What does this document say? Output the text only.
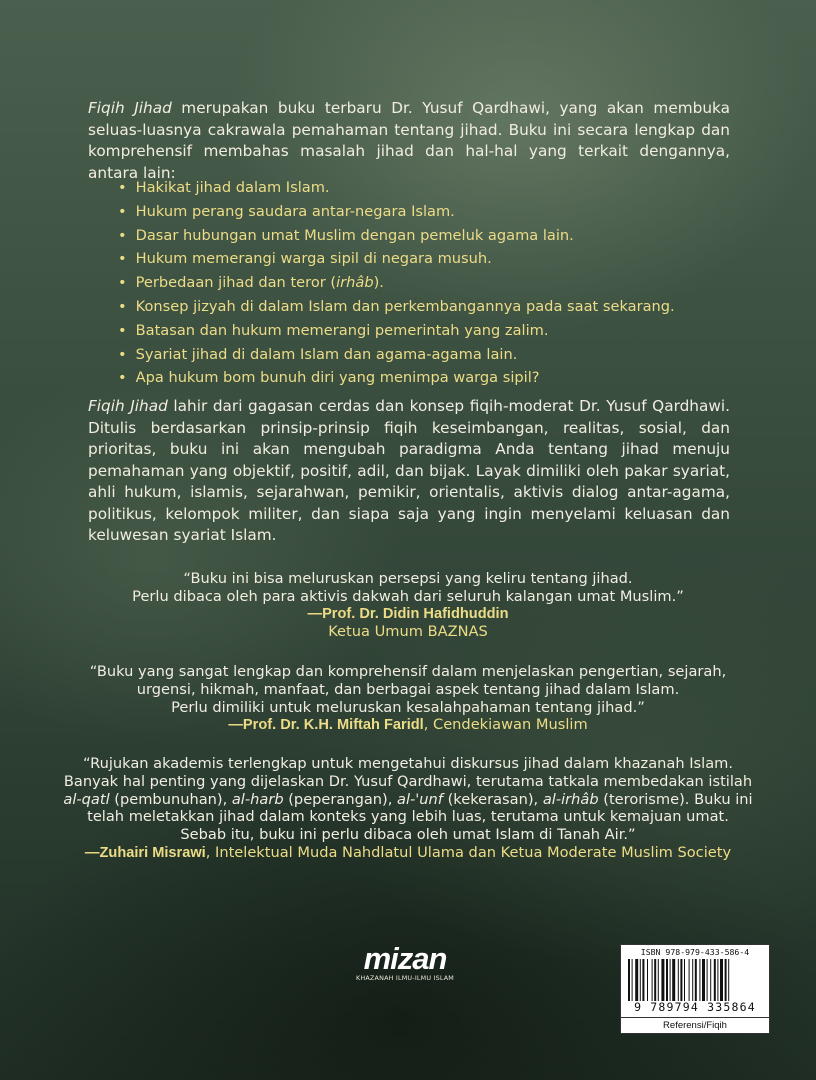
Fiqih Jihad merupakan buku terbaru Dr. Yusuf Qardhawi, yang akan membuka seluas-luasnya cakrawala pemahaman tentang jihad. Buku ini secara lengkap dan komprehensif membahas masalah jihad dan hal-hal yang terkait dengannya, antara lain:

• Hakikat jihad dalam Islam.
• Hukum perang saudara antar-negara Islam.
• Dasar hubungan umat Muslim dengan pemeluk agama lain.
• Hukum memerangi warga sipil di negara musuh.
• Perbedaan jihad dan teror (irhâb).
• Konsep jizyah di dalam Islam dan perkembangannya pada saat sekarang.
• Batasan dan hukum memerangi pemerintah yang zalim.
• Syariat jihad di dalam Islam dan agama-agama lain.
• Apa hukum bom bunuh diri yang menimpa warga sipil?

Fiqih Jihad lahir dari gagasan cerdas dan konsep fiqih-moderat Dr. Yusuf Qardhawi. Ditulis berdasarkan prinsip-prinsip fiqih keseimbangan, realitas, sosial, dan prioritas, buku ini akan mengubah paradigma Anda tentang jihad menuju pemahaman yang objektif, positif, adil, dan bijak. Layak dimiliki oleh pakar syariat, ahli hukum, islamis, sejarahwan, pemikir, orientalis, aktivis dialog antar-agama, politikus, kelompok militer, dan siapa saja yang ingin menyelami keluasan dan keluwesan syariat Islam.

“Buku ini bisa meluruskan persepsi yang keliru tentang jihad.

Perlu dibaca oleh para aktivis dakwah dari seluruh kalangan umat Muslim.”

—Prof. Dr. Didin Hafidhuddin

Ketua Umum BAZNAS

“Buku yang sangat lengkap dan komprehensif dalam menjelaskan pengertian, sejarah,

urgensi, hikmah, manfaat, dan berbagai aspek tentang jihad dalam Islam.

Perlu dimiliki untuk meluruskan kesalahpahaman tentang jihad.”

—Prof. Dr. K.H. Miftah Faridl, Cendekiawan Muslim

“Rujukan akademis terlengkap untuk mengetahui diskursus jihad dalam khazanah Islam.

Banyak hal penting yang dijelaskan Dr. Yusuf Qardhawi, terutama tatkala membedakan istilah

al-qatl (pembunuhan), al-harb (peperangan), al-'unf (kekerasan), al-irhâb (terorisme). Buku ini

telah meletakkan jihad dalam konteks yang lebih luas, terutama untuk kemajuan umat.

Sebab itu, buku ini perlu dibaca oleh umat Islam di Tanah Air.”

—Zuhairi Misrawi, Intelektual Muda Nahdlatul Ulama dan Ketua Moderate Muslim Society

mizan
KHAZANAH ILMU-ILMU ISLAM
ISBN 978-979-433-586-4
9 789794 335864
Referensi/Fiqih
